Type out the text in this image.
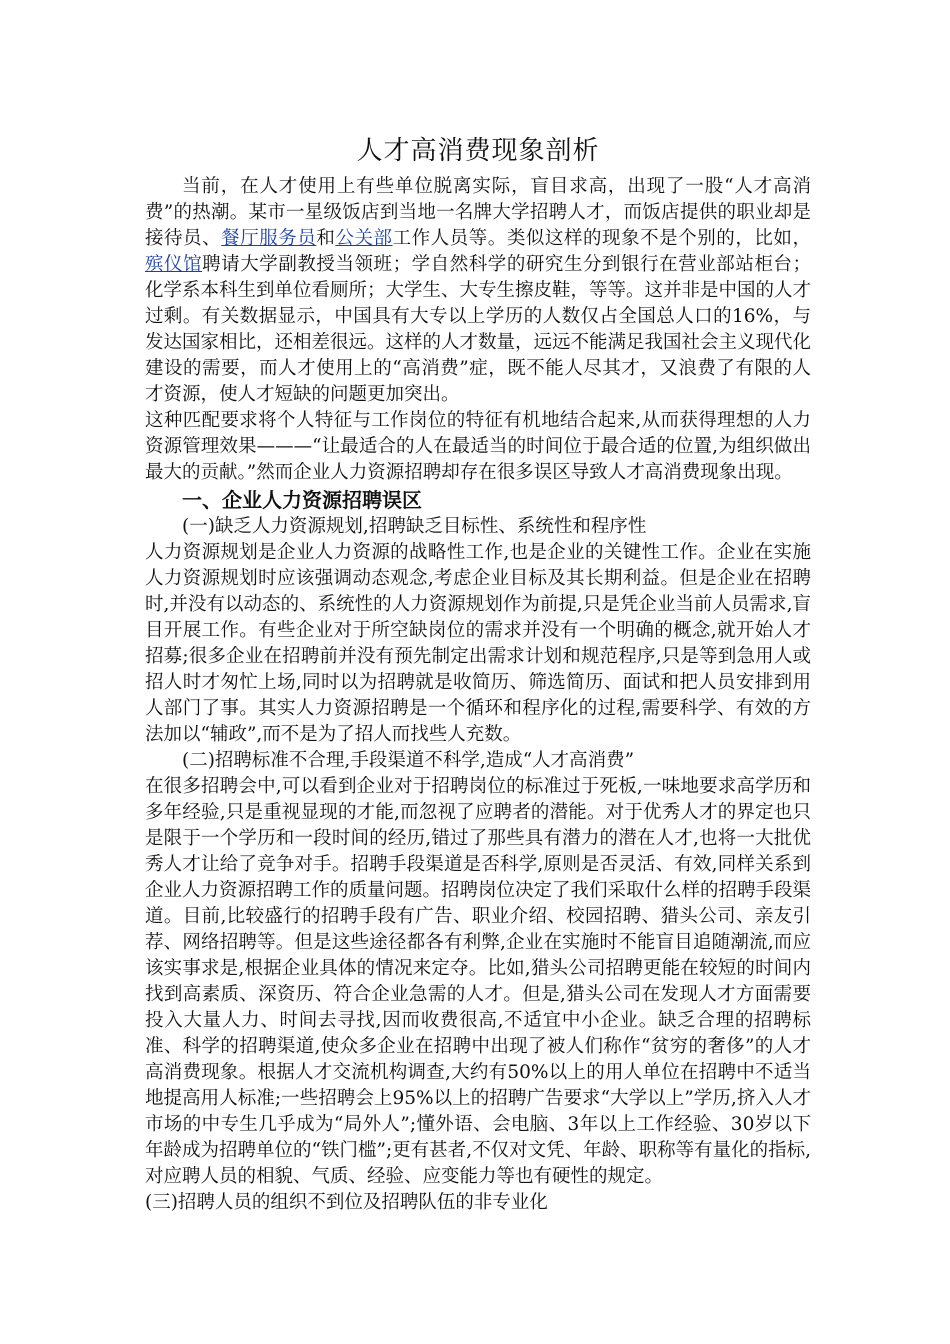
人才高消费现象剖析

当前，在人才使用上有些单位脱离实际，盲目求高，出现了一股“人才高消费”的热潮。某市一星级饭店到当地一名牌大学招聘人才，而饭店提供的职业却是接待员、餐厅服务员和公关部工作人员等。类似这样的现象不是个别的，比如，殡仪馆聘请大学副教授当领班；学自然科学的研究生分到银行在营业部站柜台；化学系本科生到单位看厕所；大学生、大专生擦皮鞋，等等。这并非是中国的人才过剩。有关数据显示，中国具有大专以上学历的人数仅占全国总人口的16%，与发达国家相比，还相差很远。这样的人才数量，远远不能满足我国社会主义现代化建设的需要，而人才使用上的“高消费”症，既不能人尽其才，又浪费了有限的人才资源，使人才短缺的问题更加突出。

这种匹配要求将个人特征与工作岗位的特征有机地结合起来,从而获得理想的人力资源管理效果———“让最适合的人在最适当的时间位于最合适的位置,为组织做出最大的贡献。”然而企业人力资源招聘却存在很多误区导致人才高消费现象出现。

一、企业人力资源招聘误区

(一)缺乏人力资源规划,招聘缺乏目标性、系统性和程序性

人力资源规划是企业人力资源的战略性工作,也是企业的关键性工作。企业在实施人力资源规划时应该强调动态观念,考虑企业目标及其长期利益。但是企业在招聘时,并没有以动态的、系统性的人力资源规划作为前提,只是凭企业当前人员需求,盲目开展工作。有些企业对于所空缺岗位的需求并没有一个明确的概念,就开始人才招募;很多企业在招聘前并没有预先制定出需求计划和规范程序,只是等到急用人或招人时才匆忙上场,同时以为招聘就是收简历、筛选简历、面试和把人员安排到用人部门了事。其实人力资源招聘是一个循环和程序化的过程,需要科学、有效的方法加以“辅政”,而不是为了招人而找些人充数。

(二)招聘标准不合理,手段渠道不科学,造成“人才高消费”

在很多招聘会中,可以看到企业对于招聘岗位的标准过于死板,一味地要求高学历和多年经验,只是重视显现的才能,而忽视了应聘者的潜能。对于优秀人才的界定也只是限于一个学历和一段时间的经历,错过了那些具有潜力的潜在人才,也将一大批优秀人才让给了竞争对手。招聘手段渠道是否科学,原则是否灵活、有效,同样关系到企业人力资源招聘工作的质量问题。招聘岗位决定了我们采取什么样的招聘手段渠道。目前,比较盛行的招聘手段有广告、职业介绍、校园招聘、猎头公司、亲友引荐、网络招聘等。但是这些途径都各有利弊,企业在实施时不能盲目追随潮流,而应该实事求是,根据企业具体的情况来定夺。比如,猎头公司招聘更能在较短的时间内找到高素质、深资历、符合企业急需的人才。但是,猎头公司在发现人才方面需要投入大量人力、时间去寻找,因而收费很高,不适宜中小企业。缺乏合理的招聘标准、科学的招聘渠道,使众多企业在招聘中出现了被人们称作“贫穷的奢侈”的人才高消费现象。根据人才交流机构调查,大约有50%以上的用人单位在招聘中不适当地提高用人标准;一些招聘会上95%以上的招聘广告要求“大学以上”学历,挤入人才市场的中专生几乎成为“局外人”;懂外语、会电脑、3年以上工作经验、30岁以下年龄成为招聘单位的“铁门槛”;更有甚者,不仅对文凭、年龄、职称等有量化的指标,对应聘人员的相貌、气质、经验、应变能力等也有硬性的规定。

(三)招聘人员的组织不到位及招聘队伍的非专业化
